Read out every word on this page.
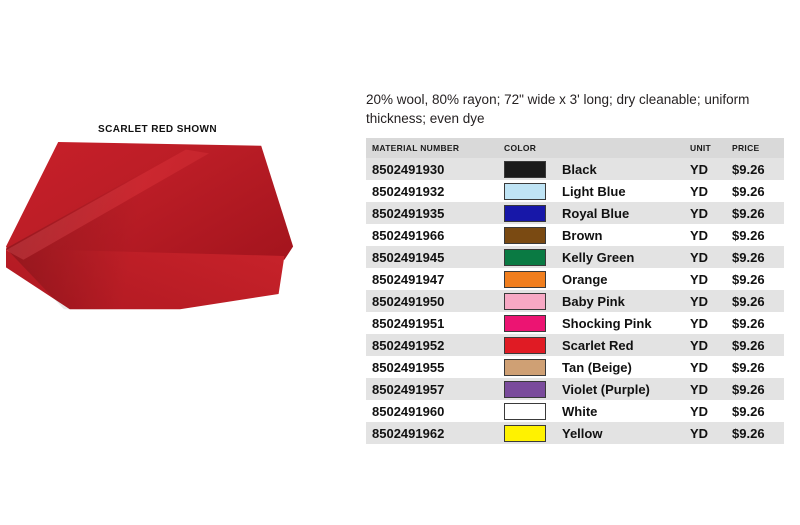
SCARLET RED SHOWN
20% wool, 80% rayon; 72" wide x 3' long; dry cleanable; uniform thickness; even dye
MATERIAL NUMBER	COLOR		UNIT	PRICE
8502491930		Black	YD	$9.26
8502491932		Light Blue	YD	$9.26
8502491935		Royal Blue	YD	$9.26
8502491966		Brown	YD	$9.26
8502491945		Kelly Green	YD	$9.26
8502491947		Orange	YD	$9.26
8502491950		Baby Pink	YD	$9.26
8502491951		Shocking Pink	YD	$9.26
8502491952		Scarlet Red	YD	$9.26
8502491955		Tan (Beige)	YD	$9.26
8502491957		Violet (Purple)	YD	$9.26
8502491960		White	YD	$9.26
8502491962		Yellow	YD	$9.26
